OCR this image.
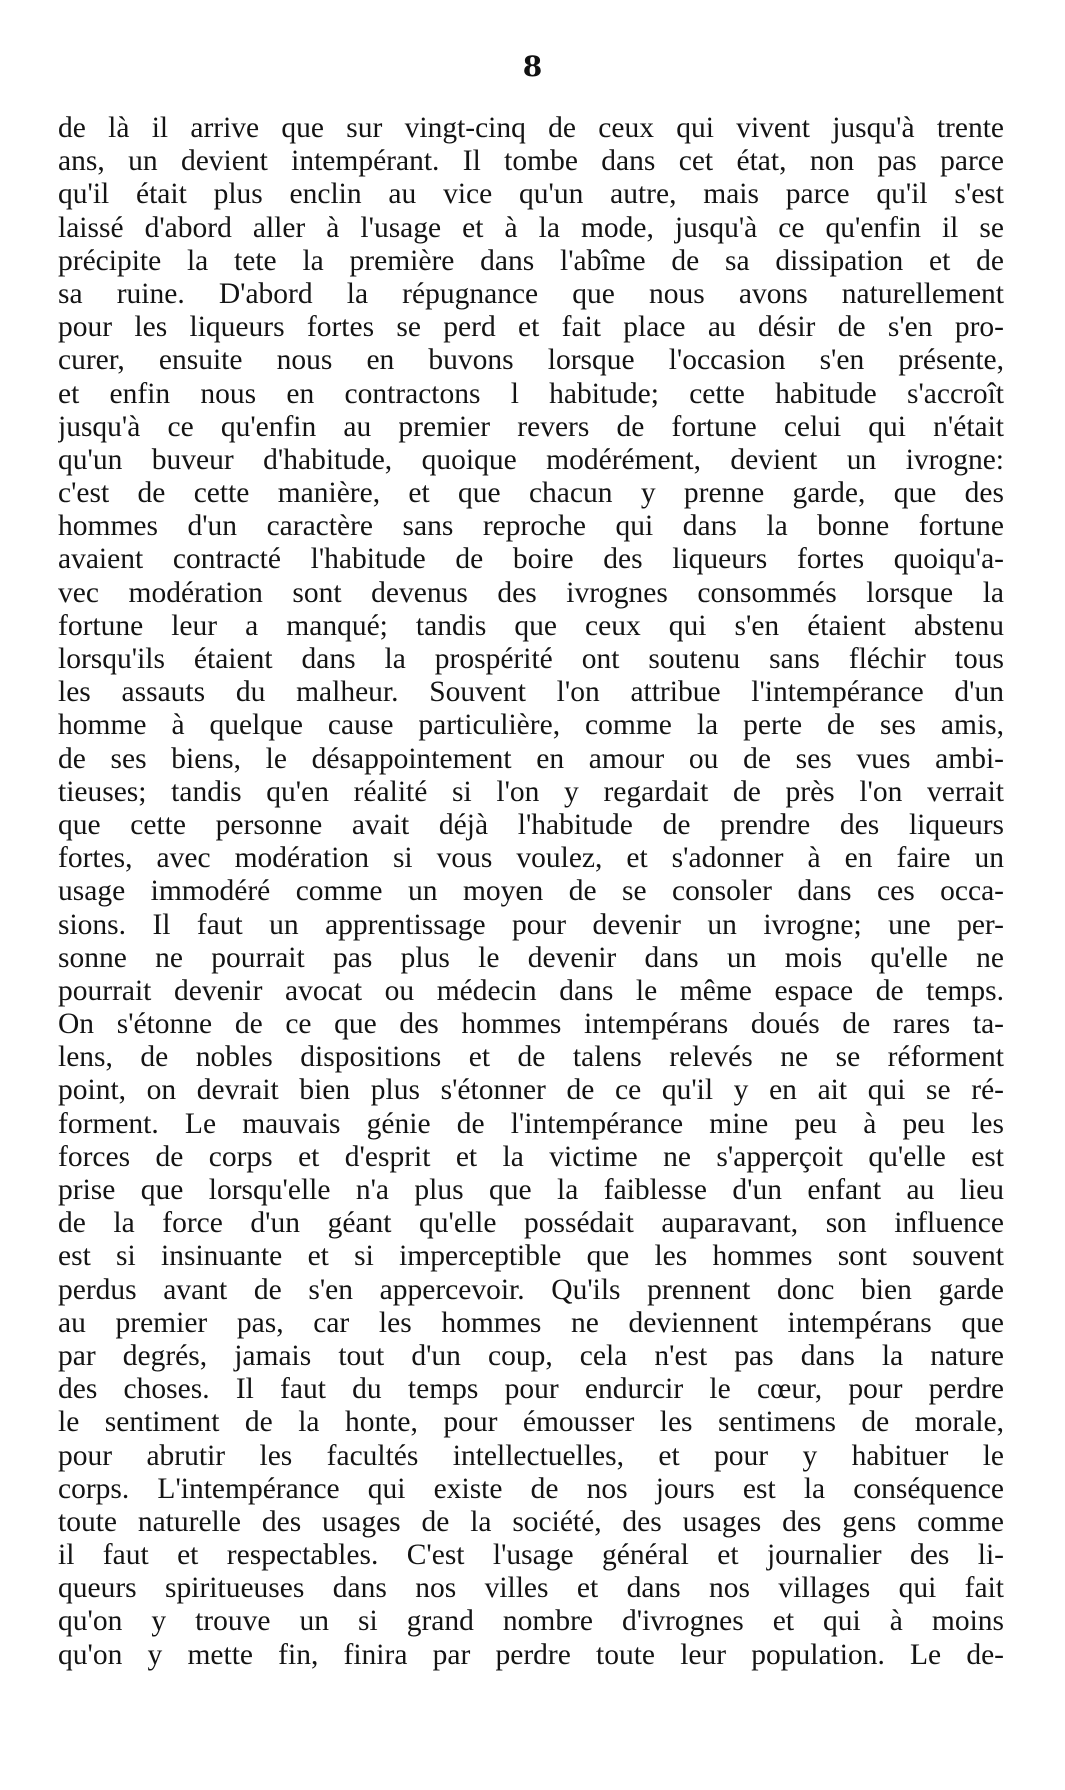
8
de là il arrive que sur vingt-cinq de ceux qui vivent jusqu'à trente
ans, un devient intempérant. Il tombe dans cet état, non pas parce
qu'il était plus enclin au vice qu'un autre, mais parce qu'il s'est
laissé d'abord aller à l'usage et à la mode, jusqu'à ce qu'enfin il se
précipite la tete la première dans l'abîme de sa dissipation et de
sa ruine. D'abord la répugnance que nous avons naturellement
pour les liqueurs fortes se perd et fait place au désir de s'en pro-
curer, ensuite nous en buvons lorsque l'occasion s'en présente,
et enfin nous en contractons l habitude; cette habitude s'accroît
jusqu'à ce qu'enfin au premier revers de fortune celui qui n'était
qu'un buveur d'habitude, quoique modérément, devient un ivrogne:
c'est de cette manière, et que chacun y prenne garde, que des
hommes d'un caractère sans reproche qui dans la bonne fortune
avaient contracté l'habitude de boire des liqueurs fortes quoiqu'a-
vec modération sont devenus des ivrognes consommés lorsque la
fortune leur a manqué; tandis que ceux qui s'en étaient abstenu
lorsqu'ils étaient dans la prospérité ont soutenu sans fléchir tous
les assauts du malheur. Souvent l'on attribue l'intempérance d'un
homme à quelque cause particulière, comme la perte de ses amis,
de ses biens, le désappointement en amour ou de ses vues ambi-
tieuses; tandis qu'en réalité si l'on y regardait de près l'on verrait
que cette personne avait déjà l'habitude de prendre des liqueurs
fortes, avec modération si vous voulez, et s'adonner à en faire un
usage immodéré comme un moyen de se consoler dans ces occa-
sions. Il faut un apprentissage pour devenir un ivrogne; une per-
sonne ne pourrait pas plus le devenir dans un mois qu'elle ne
pourrait devenir avocat ou médecin dans le même espace de temps.
On s'étonne de ce que des hommes intempérans doués de rares ta-
lens, de nobles dispositions et de talens relevés ne se réforment
point, on devrait bien plus s'étonner de ce qu'il y en ait qui se ré-
forment. Le mauvais génie de l'intempérance mine peu à peu les
forces de corps et d'esprit et la victime ne s'apperçoit qu'elle est
prise que lorsqu'elle n'a plus que la faiblesse d'un enfant au lieu
de la force d'un géant qu'elle possédait auparavant, son influence
est si insinuante et si imperceptible que les hommes sont souvent
perdus avant de s'en appercevoir. Qu'ils prennent donc bien garde
au premier pas, car les hommes ne deviennent intempérans que
par degrés, jamais tout d'un coup, cela n'est pas dans la nature
des choses. Il faut du temps pour endurcir le cœur, pour perdre
le sentiment de la honte, pour émousser les sentimens de morale,
pour abrutir les facultés intellectuelles, et pour y habituer le
corps. L'intempérance qui existe de nos jours est la conséquence
toute naturelle des usages de la société, des usages des gens comme
il faut et respectables. C'est l'usage général et journalier des li-
queurs spiritueuses dans nos villes et dans nos villages qui fait
qu'on y trouve un si grand nombre d'ivrognes et qui à moins
qu'on y mette fin, finira par perdre toute leur population. Le de-
